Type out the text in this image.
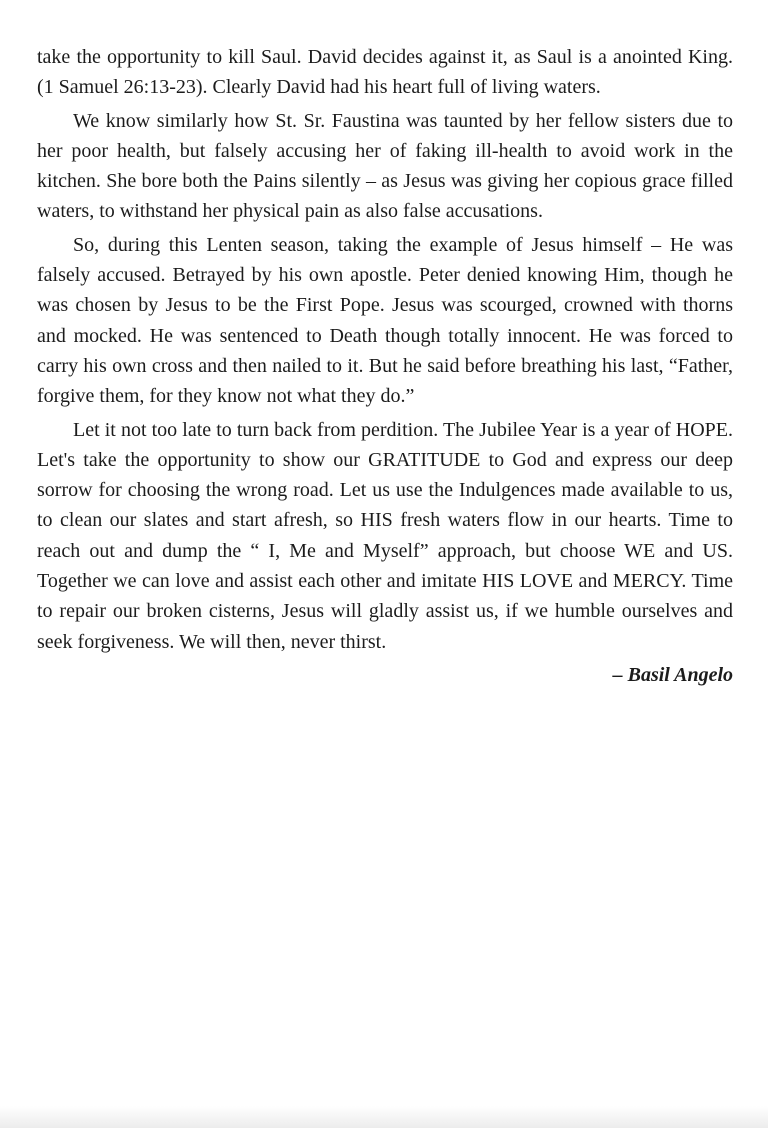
take the opportunity to kill Saul. David decides against it, as Saul is a anointed King. (1 Samuel 26:13-23). Clearly David had his heart full of living waters.

We know similarly how St. Sr. Faustina was taunted by her fellow sisters due to her poor health, but falsely accusing her of faking ill-health to avoid work in the kitchen. She bore both the Pains silently – as Jesus was giving her copious grace filled waters, to withstand her physical pain as also false accusations.

So, during this Lenten season, taking the example of Jesus himself – He was falsely accused. Betrayed by his own apostle. Peter denied knowing Him, though he was chosen by Jesus to be the First Pope. Jesus was scourged, crowned with thorns and mocked. He was sentenced to Death though totally innocent. He was forced to carry his own cross and then nailed to it. But he said before breathing his last, “Father, forgive them, for they know not what they do.”

Let it not too late to turn back from perdition. The Jubilee Year is a year of HOPE. Let's take the opportunity to show our GRATITUDE to God and express our deep sorrow for choosing the wrong road. Let us use the Indulgences made available to us, to clean our slates and start afresh, so HIS fresh waters flow in our hearts. Time to reach out and dump the “ I, Me and Myself” approach, but choose WE and US. Together we can love and assist each other and imitate HIS LOVE and MERCY. Time to repair our broken cisterns, Jesus will gladly assist us, if we humble ourselves and seek forgiveness. We will then, never thirst.

– Basil Angelo
